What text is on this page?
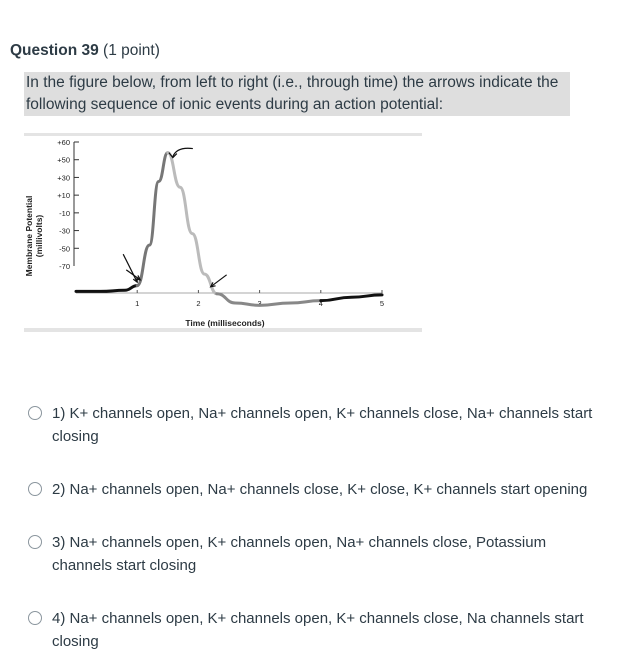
Question 39 (1 point)
In the figure below, from left to right (i.e., through time) the arrows indicate the following sequence of ionic events during an action potential:
Membrane Potential (millivolts)
+60
+50
+30
+10
-10
-30
-50
-70
1	2	3	4	5
Time (milliseconds)
1) K+ channels open, Na+ channels open, K+ channels close, Na+ channels start closing
2) Na+ channels open, Na+ channels close, K+ close, K+ channels start opening
3) Na+ channels open, K+ channels open, Na+ channels close, Potassium channels start closing
4) Na+ channels open, K+ channels open, K+ channels close, Na channels start closing
